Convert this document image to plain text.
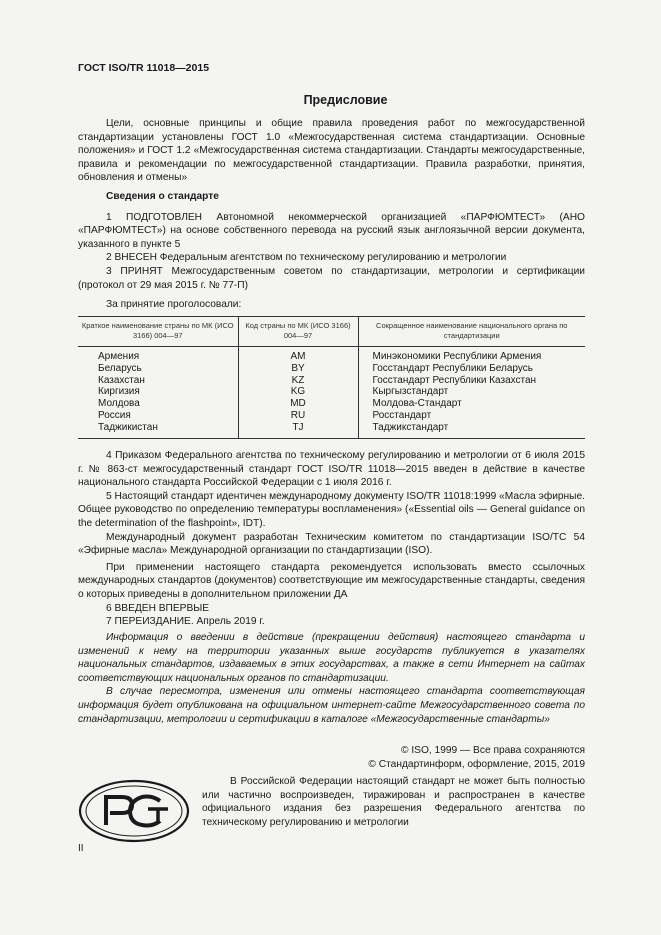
ГОСТ ISO/TR 11018—2015
Предисловие

Цели, основные принципы и общие правила проведения работ по межгосударственной стандартизации установлены ГОСТ 1.0 «Межгосударственная система стандартизации. Основные положения» и ГОСТ 1.2 «Межгосударственная система стандартизации. Стандарты межгосударственные, правила и рекомендации по межгосударственной стандартизации. Правила разработки, принятия, обновления и отмены»

Сведения о стандарте

1 ПОДГОТОВЛЕН Автономной некоммерческой организацией «ПАРФЮМТЕСТ» (АНО «ПАРФЮМТЕСТ») на основе собственного перевода на русский язык англоязычной версии документа, указанного в пункте 5

2 ВНЕСЕН Федеральным агентством по техническому регулированию и метрологии

3 ПРИНЯТ Межгосударственным советом по стандартизации, метрологии и сертификации (протокол от 29 мая 2015 г. № 77-П)

За принятие проголосовали:

Краткое наименование страны по МК (ИСО 3166) 004—97	Код страны по МК (ИСО 3166) 004—97	Сокращенное наименование национального органа по стандартизации
Армения	AM	Минэкономики Республики Армения
Беларусь	BY	Госстандарт Республики Беларусь
Казахстан	KZ	Госстандарт Республики Казахстан
Киргизия	KG	Кыргызстандарт
Молдова	MD	Молдова-Стандарт
Россия	RU	Росстандарт
Таджикистан	TJ	Таджикстандарт

4 Приказом Федерального агентства по техническому регулированию и метрологии от 6 июля 2015 г. № 863-ст межгосударственный стандарт ГОСТ ISO/TR 11018—2015 введен в действие в качестве национального стандарта Российской Федерации с 1 июля 2016 г.

5 Настоящий стандарт идентичен международному документу ISO/TR 11018:1999 «Масла эфирные. Общее руководство по определению температуры воспламенения» («Essential oils — General guidance on the determination of the flashpoint», IDT).

Международный документ разработан Техническим комитетом по стандартизации ISO/TC 54 «Эфирные масла» Международной организации по стандартизации (ISO).

При применении настоящего стандарта рекомендуется использовать вместо ссылочных международных стандартов (документов) соответствующие им межгосударственные стандарты, сведения о которых приведены в дополнительном приложении ДА

6 ВВЕДЕН ВПЕРВЫЕ

7 ПЕРЕИЗДАНИЕ. Апрель 2019 г.

Информация о введении в действие (прекращении действия) настоящего стандарта и изменений к нему на территории указанных выше государств публикуется в указателях национальных стандартов, издаваемых в этих государствах, а также в сети Интернет на сайтах соответствующих национальных органов по стандартизации.

В случае пересмотра, изменения или отмены настоящего стандарта соответствующая информация будет опубликована на официальном интернет-сайте Межгосударственного совета по стандартизации, метрологии и сертификации в каталоге «Межгосударственные стандарты»

© ISO, 1999 — Все права сохраняются
© Стандартинформ, оформление, 2015, 2019

В Российской Федерации настоящий стандарт не может быть полностью или частично воспроизведен, тиражирован и распространен в качестве официального издания без разрешения Федерального агентства по техническому регулированию и метрологии

II
